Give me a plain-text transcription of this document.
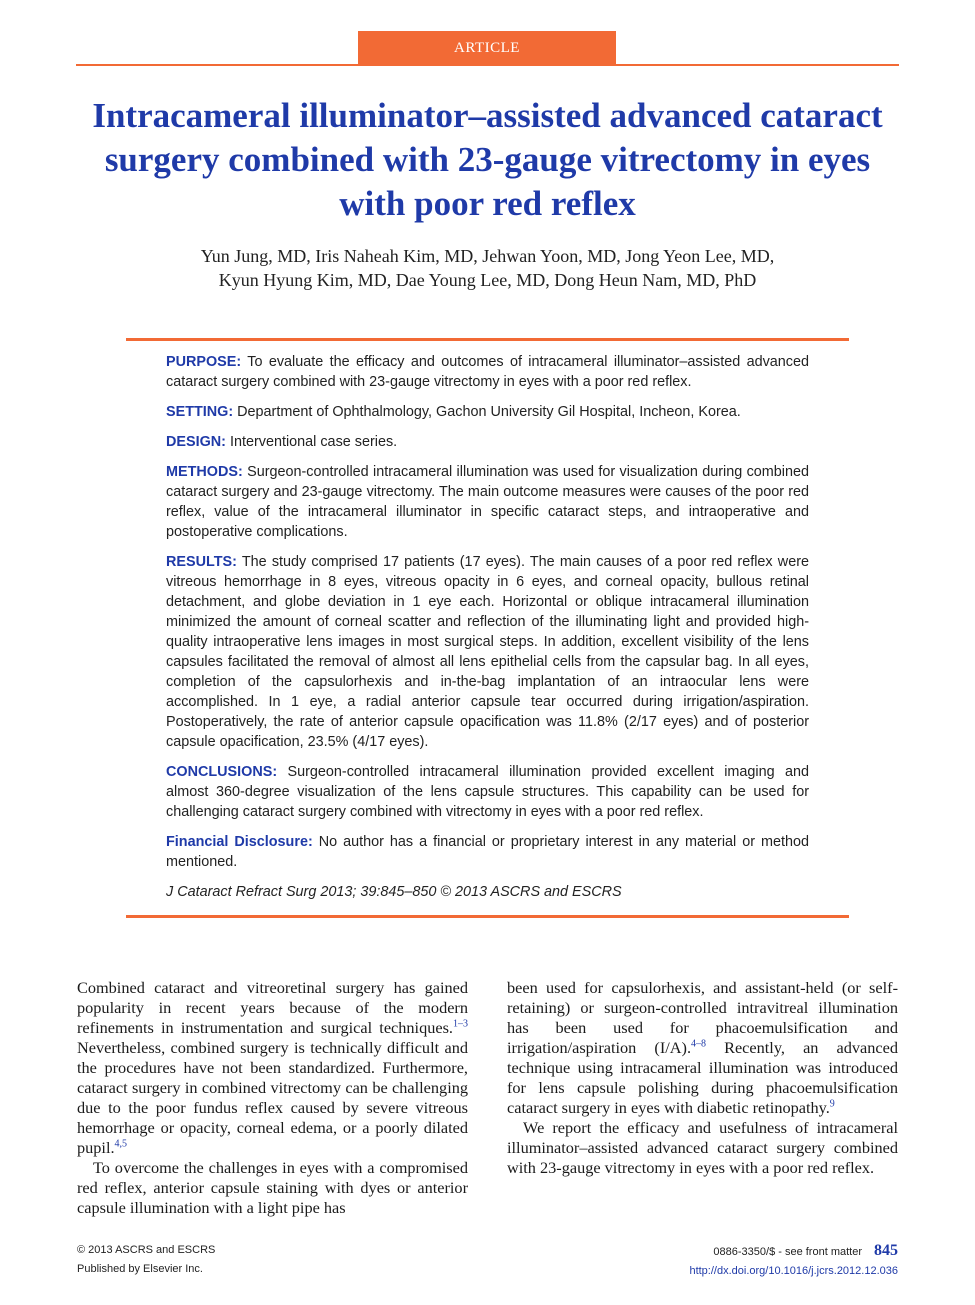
ARTICLE
Intracameral illuminator–assisted advanced cataract surgery combined with 23-gauge vitrectomy in eyes with poor red reflex
Yun Jung, MD, Iris Naheah Kim, MD, Jehwan Yoon, MD, Jong Yeon Lee, MD,
Kyun Hyung Kim, MD, Dae Young Lee, MD, Dong Heun Nam, MD, PhD

PURPOSE: To evaluate the efficacy and outcomes of intracameral illuminator–assisted advanced cataract surgery combined with 23-gauge vitrectomy in eyes with a poor red reflex.

SETTING: Department of Ophthalmology, Gachon University Gil Hospital, Incheon, Korea.

DESIGN: Interventional case series.

METHODS: Surgeon-controlled intracameral illumination was used for visualization during combined cataract surgery and 23-gauge vitrectomy. The main outcome measures were causes of the poor red reflex, value of the intracameral illuminator in specific cataract steps, and intraoperative and postoperative complications.

RESULTS: The study comprised 17 patients (17 eyes). The main causes of a poor red reflex were vitreous hemorrhage in 8 eyes, vitreous opacity in 6 eyes, and corneal opacity, bullous retinal detachment, and globe deviation in 1 eye each. Horizontal or oblique intracameral illumination minimized the amount of corneal scatter and reflection of the illuminating light and provided high-quality intraoperative lens images in most surgical steps. In addition, excellent visibility of the lens capsules facilitated the removal of almost all lens epithelial cells from the capsular bag. In all eyes, completion of the capsulorhexis and in-the-bag implantation of an intraocular lens were accomplished. In 1 eye, a radial anterior capsule tear occurred during irrigation/aspiration. Postoperatively, the rate of anterior capsule opacification was 11.8% (2/17 eyes) and of posterior capsule opacification, 23.5% (4/17 eyes).

CONCLUSIONS: Surgeon-controlled intracameral illumination provided excellent imaging and almost 360-degree visualization of the lens capsule structures. This capability can be used for challenging cataract surgery combined with vitrectomy in eyes with a poor red reflex.

Financial Disclosure: No author has a financial or proprietary interest in any material or method mentioned.

J Cataract Refract Surg 2013; 39:845–850 © 2013 ASCRS and ESCRS

Combined cataract and vitreoretinal surgery has gained popularity in recent years because of the modern refinements in instrumentation and surgical techniques.$^{1-3}$ Nevertheless, combined surgery is technically difficult and the procedures have not been standardized. Furthermore, cataract surgery in combined vitrectomy can be challenging due to the poor fundus reflex caused by severe vitreous hemorrhage or opacity, corneal edema, or a poorly dilated pupil.$^{4,5}$

To overcome the challenges in eyes with a compromised red reflex, anterior capsule staining with dyes or anterior capsule illumination with a light pipe has

been used for capsulorhexis, and assistant-held (or self-retaining) or surgeon-controlled intravitreal illumination has been used for phacoemulsification and irrigation/aspiration (I/A).$^{4-8}$ Recently, an advanced technique using intracameral illumination was introduced for lens capsule polishing during phacoemulsification cataract surgery in eyes with diabetic retinopathy.$^9$

We report the efficacy and usefulness of intracameral illuminator–assisted advanced cataract surgery combined with 23-gauge vitrectomy in eyes with a poor red reflex.

© 2013 ASCRS and ESCRS
Published by Elsevier Inc.
0886-3350/$ - see front matter 845
http://dx.doi.org/10.1016/j.jcrs.2012.12.036
